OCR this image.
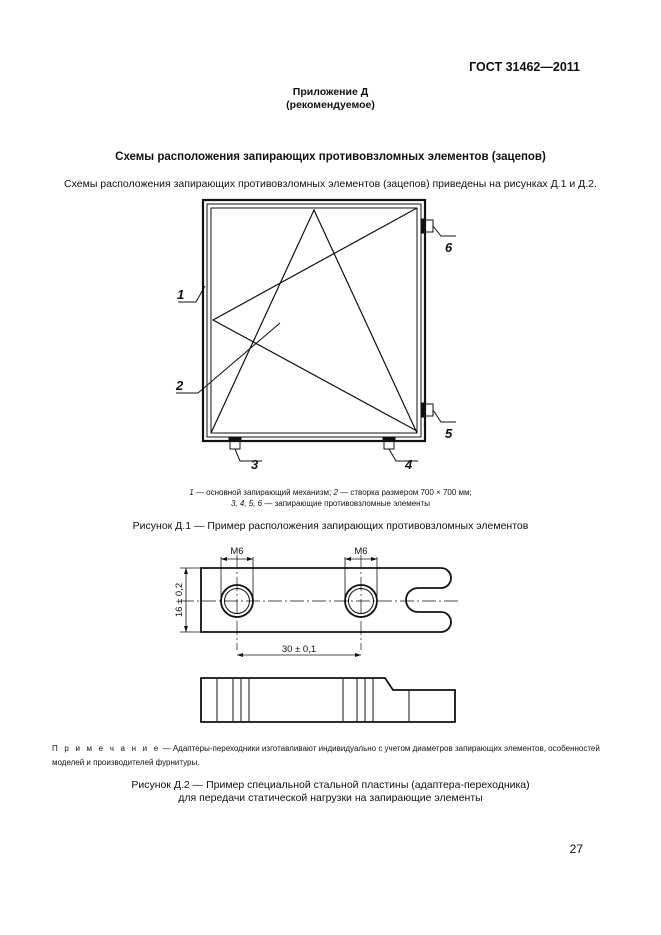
ГОСТ 31462—2011
Приложение Д
(рекомендуемое)
Схемы расположения запирающих противовзломных элементов (зацепов)
Схемы расположения запирающих противовзломных элементов (зацепов) приведены на рисунках Д.1 и Д.2.
1
2
3	4
5
6
1 — основной запирающий механизм; 2 — створка размером 700 × 700 мм;
3, 4, 5, 6 — запирающие противовзломные элементы
Рисунок Д.1 — Пример расположения запирающих противовзломных элементов
М6	М6
30 ± 0,1
16 ± 0,2
П р и м е ч а н и е — Адаптеры-переходники изготавливают индивидуально с учетом диаметров запирающих элементов, особенностей моделей и производителей фурнитуры.
Рисунок Д.2 — Пример специальной стальной пластины (адаптера-переходника)
для передачи статической нагрузки на запирающие элементы
27
